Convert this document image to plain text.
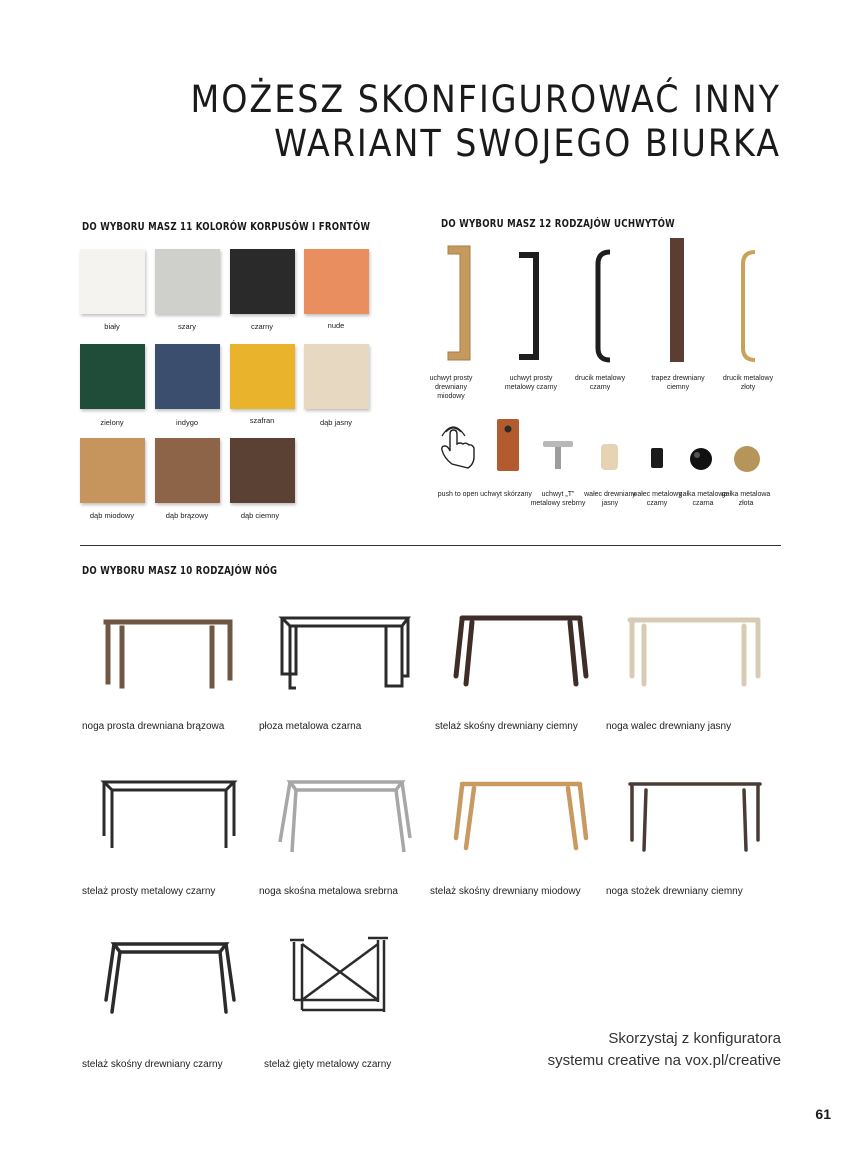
MOŻESZ SKONFIGUROWAĆ INNY
WARIANT SWOJEGO BIURKA
DO WYBORU MASZ 11 KOLORÓW KORPUSÓW I FRONTÓW
biały	szary	czarny	nude
zielony	indygo	szafran	dąb jasny
dąb miodowy	dąb brązowy	dąb ciemny
DO WYBORU MASZ 12 RODZAJÓW UCHWYTÓW
uchwyt prosty drewniany miodowy
uchwyt prosty metalowy czarny
drucik metalowy czarny
trapez drewniany ciemny
drucik metalowy złoty
push to open uchwyt skórzany	uchwyt „T” metalowy srebrny
wałec drewniany jasny
wałec metalowy czarny
gałka metalowa czarna
gałka metalowa złota
DO WYBORU MASZ 10 RODZAJÓW NÓG
noga prosta drewniana brązowa	płoza metalowa czarna	stelaż skośny drewniany ciemny	noga walec drewniany jasny
stelaż prosty metalowy czarny	noga skośna metalowa srebrna	stelaż skośny drewniany miodowy	noga stożek drewniany ciemny
stelaż skośny drewniany czarny	stelaż gięty metalowy czarny
Skorzystaj z konfiguratora
systemu creative na vox.pl/creative
61
